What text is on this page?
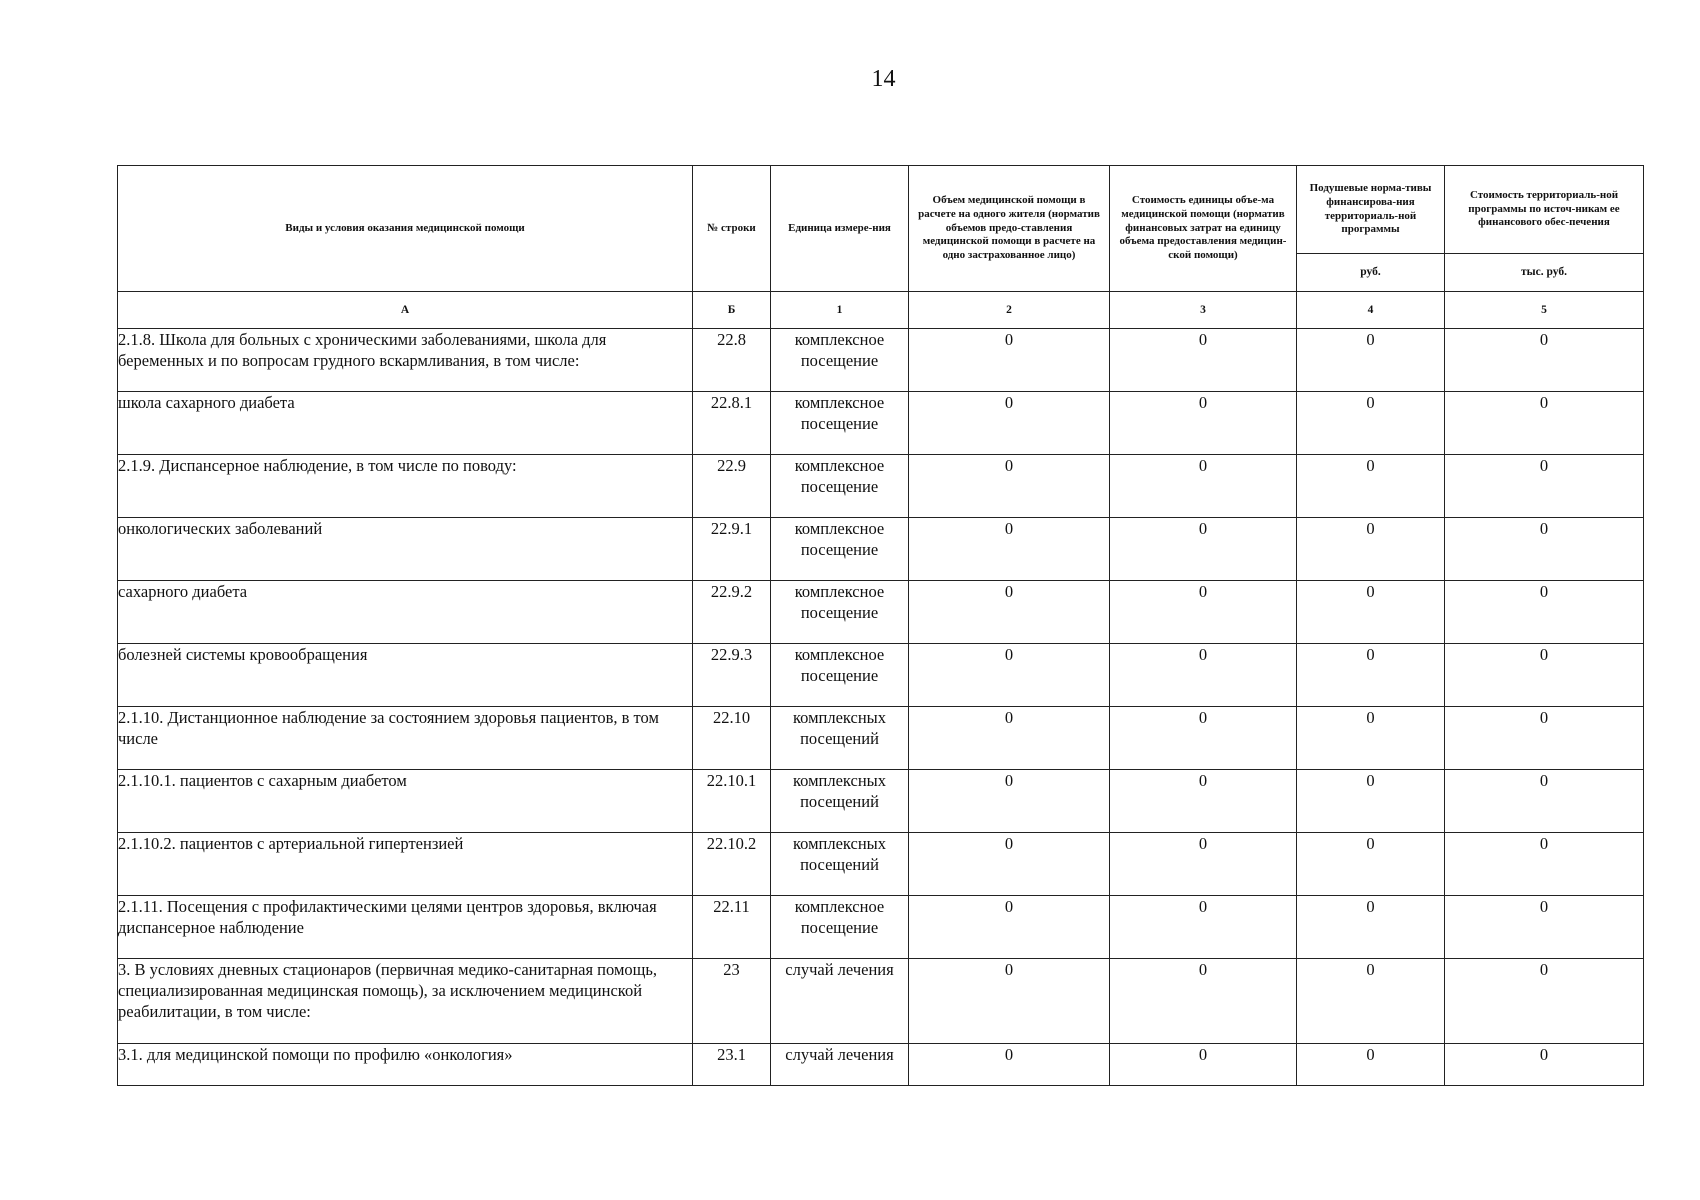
14
Виды и условия оказания медицинской помощи	№ строки	Единица измере-ния	Объем медицинской помощи в расчете на одного жителя (норматив объемов предо-ставления медицинской помощи в расчете на одно застрахованное лицо)	Стоимость единицы объе-ма медицинской помощи (норматив финансовых затрат на единицу объема предоставления медицин-ской помощи)	Подушевые норма-тивы финансирова-ния территориаль-ной программы	Стоимость территориаль-ной программы по источ-никам ее финансового обес-печения
					руб.	тыс. руб.
А	Б	1	2	3	4	5
2.1.8. Школа для больных с хроническими заболеваниями, школа для беременных и по вопросам грудного вскармливания, в том числе:	22.8	комплексное посещение	0	0	0	0
школа сахарного диабета	22.8.1	комплексное посещение	0	0	0	0
2.1.9. Диспансерное наблюдение, в том числе по поводу:	22.9	комплексное посещение	0	0	0	0
онкологических заболеваний	22.9.1	комплексное посещение	0	0	0	0
сахарного диабета	22.9.2	комплексное посещение	0	0	0	0
болезней системы кровообращения	22.9.3	комплексное посещение	0	0	0	0
2.1.10. Дистанционное наблюдение за состоянием здоровья пациентов, в том числе	22.10	комплексных посещений	0	0	0	0
2.1.10.1. пациентов с сахарным диабетом	22.10.1	комплексных посещений	0	0	0	0
2.1.10.2. пациентов с артериальной гипертензией	22.10.2	комплексных посещений	0	0	0	0
2.1.11. Посещения с профилактическими целями центров здоровья, включая диспансерное наблюдение	22.11	комплексное посещение	0	0	0	0
3. В условиях дневных стационаров (первичная медико-санитарная помощь, специализированная медицинская помощь), за исключением медицинской реабилитации, в том числе:	23	случай лечения	0	0	0	0
3.1. для медицинской помощи по профилю «онкология»	23.1	случай лечения	0	0	0	0
